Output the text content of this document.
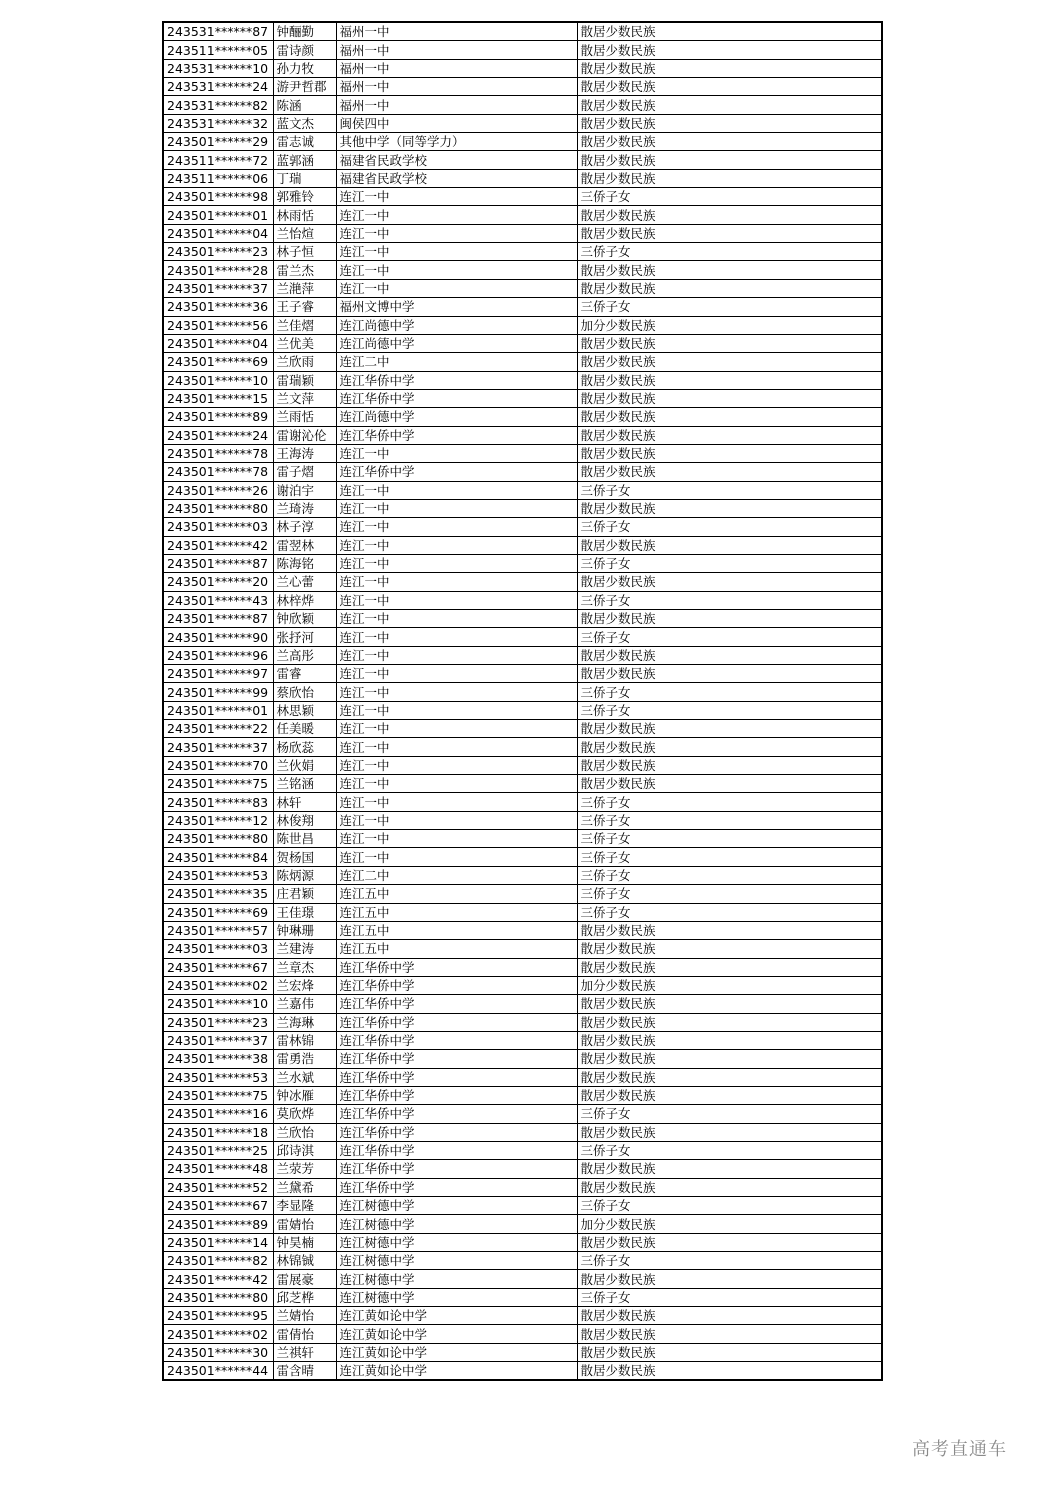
243531******87	钟酾勤	福州一中	散居少数民族
243511******05	雷诗颜	福州一中	散居少数民族
243531******10	孙力牧	福州一中	散居少数民族
243531******24	游尹哲郡	福州一中	散居少数民族
243531******82	陈涵	福州一中	散居少数民族
243531******32	蓝文杰	闽侯四中	散居少数民族
243501******29	雷志诚	其他中学（同等学力）	散居少数民族
243511******72	蓝郭涵	福建省民政学校	散居少数民族
243511******06	丁瑞	福建省民政学校	散居少数民族
243501******98	郭雅铃	连江一中	三侨子女
243501******01	林雨恬	连江一中	散居少数民族
243501******04	兰怡煊	连江一中	散居少数民族
243501******23	林子恒	连江一中	三侨子女
243501******28	雷兰杰	连江一中	散居少数民族
243501******37	兰滟萍	连江一中	散居少数民族
243501******36	王子睿	福州文博中学	三侨子女
243501******56	兰佳熠	连江尚德中学	加分少数民族
243501******04	兰优美	连江尚德中学	散居少数民族
243501******69	兰欣雨	连江二中	散居少数民族
243501******10	雷瑞颖	连江华侨中学	散居少数民族
243501******15	兰文萍	连江华侨中学	散居少数民族
243501******89	兰雨恬	连江尚德中学	散居少数民族
243501******24	雷谢沁伦	连江华侨中学	散居少数民族
243501******78	王海涛	连江一中	散居少数民族
243501******78	雷子熠	连江华侨中学	散居少数民族
243501******26	谢泊宇	连江一中	三侨子女
243501******80	兰琦涛	连江一中	散居少数民族
243501******03	林子淳	连江一中	三侨子女
243501******42	雷翌林	连江一中	散居少数民族
243501******87	陈海铭	连江一中	三侨子女
243501******20	兰心蕾	连江一中	散居少数民族
243501******43	林梓烨	连江一中	三侨子女
243501******87	钟欣颖	连江一中	散居少数民族
243501******90	张抒河	连江一中	三侨子女
243501******96	兰高彤	连江一中	散居少数民族
243501******97	雷睿	连江一中	散居少数民族
243501******99	蔡欣怡	连江一中	三侨子女
243501******01	林思颖	连江一中	三侨子女
243501******22	任美暖	连江一中	散居少数民族
243501******37	杨欣蕊	连江一中	散居少数民族
243501******70	兰伙娟	连江一中	散居少数民族
243501******75	兰铭涵	连江一中	散居少数民族
243501******83	林轩	连江一中	三侨子女
243501******12	林俊翔	连江一中	三侨子女
243501******80	陈世昌	连江一中	三侨子女
243501******84	贺杨国	连江一中	三侨子女
243501******53	陈炳源	连江二中	三侨子女
243501******35	庄君颖	连江五中	三侨子女
243501******69	王佳璟	连江五中	三侨子女
243501******57	钟琳珊	连江五中	散居少数民族
243501******03	兰建涛	连江五中	散居少数民族
243501******67	兰章杰	连江华侨中学	散居少数民族
243501******02	兰宏烽	连江华侨中学	加分少数民族
243501******10	兰嘉伟	连江华侨中学	散居少数民族
243501******23	兰海琳	连江华侨中学	散居少数民族
243501******37	雷林锦	连江华侨中学	散居少数民族
243501******38	雷勇浩	连江华侨中学	散居少数民族
243501******53	兰水斌	连江华侨中学	散居少数民族
243501******75	钟冰雁	连江华侨中学	散居少数民族
243501******16	莫欣烨	连江华侨中学	三侨子女
243501******18	兰欣怡	连江华侨中学	散居少数民族
243501******25	邱诗淇	连江华侨中学	三侨子女
243501******48	兰荥芳	连江华侨中学	散居少数民族
243501******52	兰黛希	连江华侨中学	散居少数民族
243501******67	李显隆	连江树德中学	三侨子女
243501******89	雷婧怡	连江树德中学	加分少数民族
243501******14	钟昊楠	连江树德中学	散居少数民族
243501******82	林锦铖	连江树德中学	三侨子女
243501******42	雷展豪	连江树德中学	散居少数民族
243501******80	邱芝桦	连江树德中学	三侨子女
243501******95	兰婧怡	连江黄如论中学	散居少数民族
243501******02	雷倩怡	连江黄如论中学	散居少数民族
243501******30	兰祺轩	连江黄如论中学	散居少数民族
243501******44	雷含晴	连江黄如论中学	散居少数民族
高考直通车
